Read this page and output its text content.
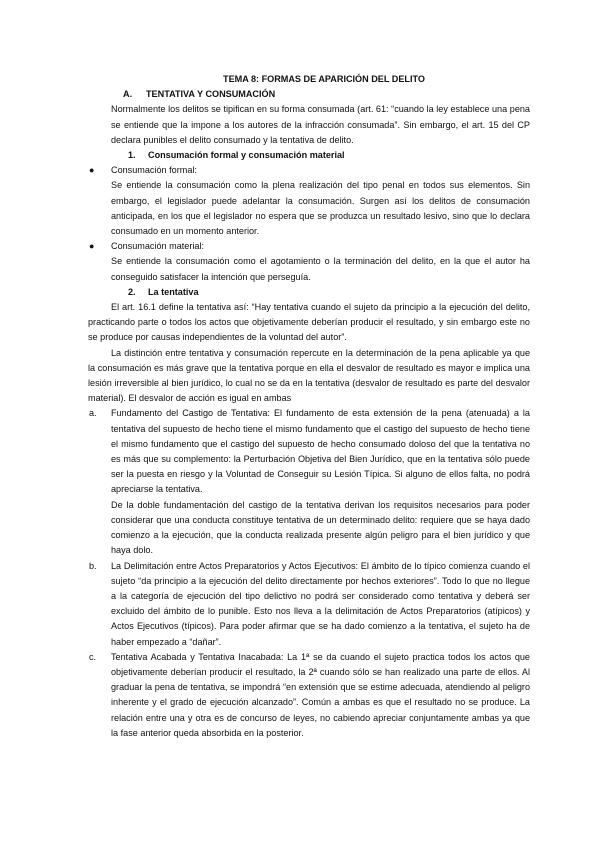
TEMA 8: FORMAS DE APARICIÓN DEL DELITO

A. TENTATIVA Y CONSUMACIÓN

Normalmente los delitos se tipifican en su forma consumada (art. 61: “cuando la ley establece una pena se entiende que la impone a los autores de la infracción consumada”. Sin embargo, el art. 15 del CP declara punibles el delito consumado y la tentativa de delito.

1. Consumación formal y consumación material

● Consumación formal:
Se entiende la consumación como la plena realización del tipo penal en todos sus elementos. Sin embargo, el legislador puede adelantar la consumación. Surgen así los delitos de consumación anticipada, en los que el legislador no espera que se produzca un resultado lesivo, sino que lo declara consumado en un momento anterior.
● Consumación material:
Se entiende la consumación como el agotamiento o la terminación del delito, en la que el autor ha conseguido satisfacer la intención que perseguía.

2. La tentativa

El art. 16.1 define la tentativa así: “Hay tentativa cuando el sujeto da principio a la ejecución del delito, practicando parte o todos los actos que objetivamente deberían producir el resultado, y sin embargo este no se produce por causas independientes de la voluntad del autor”.

La distinción entre tentativa y consumación repercute en la determinación de la pena aplicable ya que la consumación es más grave que la tentativa porque en ella el desvalor de resultado es mayor e implica una lesión irreversible al bien jurídico, lo cual no se da en la tentativa (desvalor de resultado es parte del desvalor material). El desvalor de acción es igual en ambas

a. Fundamento del Castigo de Tentativa: El fundamento de esta extensión de la pena (atenuada) a la tentativa del supuesto de hecho tiene el mismo fundamento que el castigo del supuesto de hecho tiene el mismo fundamento que el castigo del supuesto de hecho consumado doloso del que la tentativa no es más que su complemento: la Perturbación Objetiva del Bien Jurídico, que en la tentativa sólo puede ser la puesta en riesgo y la Voluntad de Conseguir su Lesión Típica. Si alguno de ellos falta, no podrá apreciarse la tentativa.
De la doble fundamentación del castigo de la tentativa derivan los requisitos necesarios para poder considerar que una conducta constituye tentativa de un determinado delito: requiere que se haya dado comienzo a la ejecución, que la conducta realizada presente algún peligro para el bien jurídico y que haya dolo.
b. La Delimitación entre Actos Preparatorios y Actos Ejecutivos: El ámbito de lo típico comienza cuando el sujeto “da principio a la ejecución del delito directamente por hechos exteriores”. Todo lo que no llegue a la categoría de ejecución del tipo delictivo no podrá ser considerado como tentativa y deberá ser excluido del ámbito de lo punible. Esto nos lleva a la delimitación de Actos Preparatorios (atípicos) y Actos Ejecutivos (típicos). Para poder afirmar que se ha dado comienzo a la tentativa, el sujeto ha de haber empezado a “dañar”.
c. Tentativa Acabada y Tentativa Inacabada: La 1ª se da cuando el sujeto practica todos los actos que objetivamente deberían producir el resultado, la 2ª cuando sólo se han realizado una parte de ellos. Al graduar la pena de tentativa, se impondrá “en extensión que se estime adecuada, atendiendo al peligro inherente y el grado de ejecución alcanzado”. Común a ambas es que el resultado no se produce. La relación entre una y otra es de concurso de leyes, no cabiendo apreciar conjuntamente ambas ya que la fase anterior queda absorbida en la posterior.
